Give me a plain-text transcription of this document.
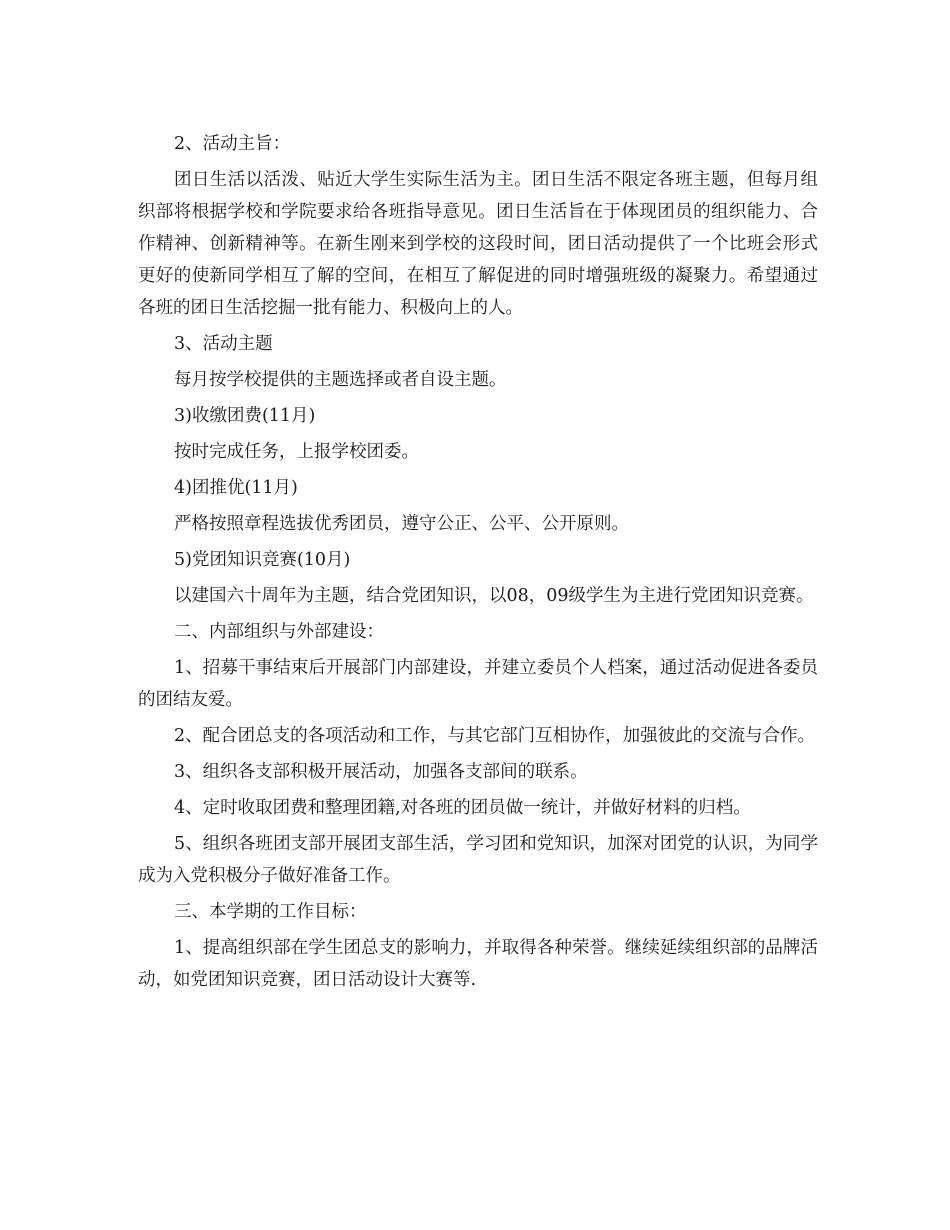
2、活动主旨：

团日生活以活泼、贴近大学生实际生活为主。团日生活不限定各班主题，但每月组织部将根据学校和学院要求给各班指导意见。团日生活旨在于体现团员的组织能力、合作精神、创新精神等。在新生刚来到学校的这段时间，团日活动提供了一个比班会形式更好的使新同学相互了解的空间，在相互了解促进的同时增强班级的凝聚力。希望通过各班的团日生活挖掘一批有能力、积极向上的人。

3、活动主题

每月按学校提供的主题选择或者自设主题。

3)收缴团费(11月)

按时完成任务，上报学校团委。

4)团推优(11月)

严格按照章程选拔优秀团员，遵守公正、公平、公开原则。

5)党团知识竞赛(10月)

以建国六十周年为主题，结合党团知识，以08，09级学生为主进行党团知识竞赛。

二、内部组织与外部建设：

1、招募干事结束后开展部门内部建设，并建立委员个人档案，通过活动促进各委员的团结友爱。

2、配合团总支的各项活动和工作，与其它部门互相协作，加强彼此的交流与合作。

3、组织各支部积极开展活动，加强各支部间的联系。

4、定时收取团费和整理团籍,对各班的团员做一统计，并做好材料的归档。

5、组织各班团支部开展团支部生活，学习团和党知识，加深对团党的认识，为同学成为入党积极分子做好准备工作。

三、本学期的工作目标：

1、提高组织部在学生团总支的影响力，并取得各种荣誉。继续延续组织部的品牌活动，如党团知识竞赛，团日活动设计大赛等.
